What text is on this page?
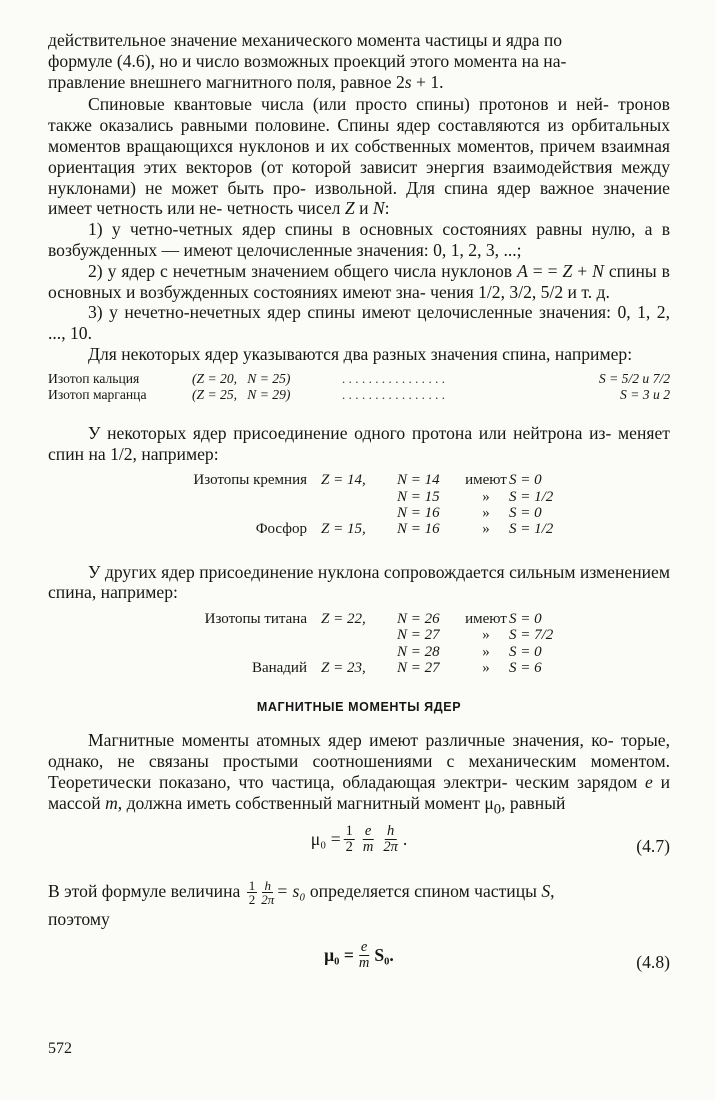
действительное значение механического момента частицы и ядра по
формуле (4.6), но и число возможных проекций этого момента на на-
правление внешнего магнитного поля, равное 2s + 1.

Спиновые квантовые числа (или просто спины) протонов и ней- тронов также оказались равными половине. Спины ядер составляются из орбитальных моментов вращающихся нуклонов и их собственных моментов, причем взаимная ориентация этих векторов (от которой зависит энергия взаимодействия между нуклонами) не может быть про- извольной. Для спина ядер важное значение имеет четность или не- четность чисел Z и N:

1) у четно-четных ядер спины в основных состояниях равны нулю, а в возбужденных — имеют целочисленные значения: 0, 1, 2, 3, ...;

2) у ядер с нечетным значением общего числа нуклонов A = = Z + N спины в основных и возбужденных состояниях имеют зна- чения 1/2, 3/2, 5/2 и т. д.

3) у нечетно-нечетных ядер спины имеют целочисленные значения: 0, 1, 2, ..., 10.

Для некоторых ядер указываются два разных значения спина, например:

Изотоп кальция	(Z = 20, N = 25)	................	S = 5/2 и 7/2
Изотоп марганца	(Z = 25, N = 29)	................	S = 3 и 2

У некоторых ядер присоединение одного протона или нейтрона из- меняет спин на 1/2, например:

Изотопы кремния	Z = 14,	N = 14	имеют	S = 0
		N = 15	»	S = 1/2
		N = 16	»	S = 0
Фосфор	Z = 15,	N = 16	»	S = 1/2

У других ядер присоединение нуклона сопровождается сильным изменением спина, например:

Изотопы титана	Z = 22,	N = 26	имеют	S = 0
		N = 27	»	S = 7/2
		N = 28	»	S = 0
Ванадий	Z = 23,	N = 27	»	S = 6

МАГНИТНЫЕ МОМЕНТЫ ЯДЕР

Магнитные моменты атомных ядер имеют различные значения, ко- торые, однако, не связаны простыми соотношениями с механическим моментом. Теоретически показано, что частица, обладающая электри- ческим зарядом e и массой m, должна иметь собственный магнитный момент $\mu_0$, равный

$\mu_0 = \frac{1}{2} \frac{e}{m} \frac{h}{2\pi}$ .	(4.7)

В этой формуле величина $\frac{1}{2} \frac{h}{2\pi} = s_0$ определяется спином частицы S,
поэтому

$\mu_0 = \frac{e}{m} S_0$.	(4.8)
572
